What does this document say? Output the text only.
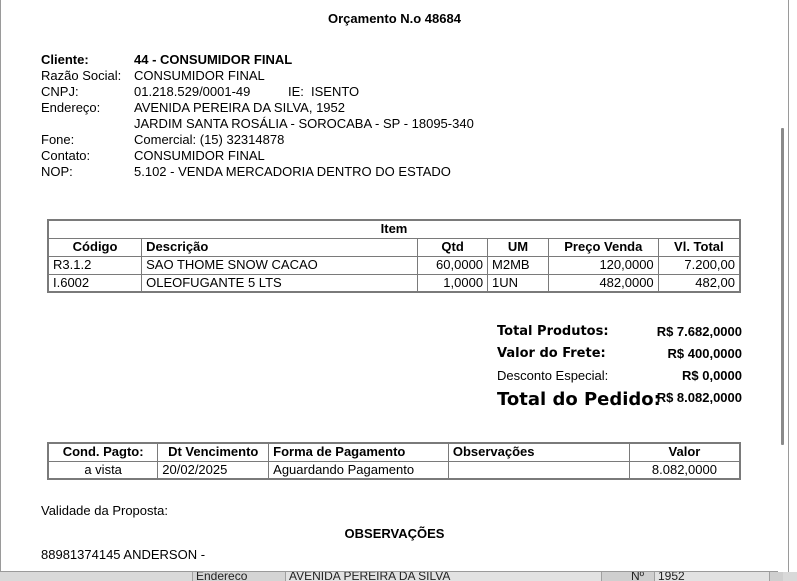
Orçamento N.o 48684
Cliente:	44 - CONSUMIDOR FINAL
Razão Social: CONSUMIDOR FINAL
CNPJ:	01.218.529/0001-49	IE: ISENTO
Endereço:	AVENIDA PEREIRA DA SILVA, 1952
JARDIM SANTA ROSÁLIA - SOROCABA - SP - 18095-340
Fone:	Comercial: (15) 32314878
Contato:	CONSUMIDOR FINAL
NOP:	5.102 - VENDA MERCADORIA DENTRO DO ESTADO
Item					
Código	Descrição	Qtd	UM	Preço Venda	Vl. Total
R3.1.2	SAO THOME SNOW CACAO	60,0000	M2MB	120,0000	7.200,00
I.6002	OLEOFUGANTE 5 LTS	1,0000	1UN	482,0000	482,00
Total Produtos:	R$ 7.682,0000
Valor do Frete:	R$ 400,0000
Desconto Especial:	R$ 0,0000
Total do Pedido:
R$ 8.082,0000
Cond. Pagto:	Dt Vencimento	Forma de Pagamento	Observações	Valor
a vista	20/02/2025	Aguardando Pagamento		8.082,0000
Validade da Proposta:
OBSERVAÇÕES
88981374145 ANDERSON -
Endereco	AVENIDA PEREIRA DA SILVA	Nº 1952
